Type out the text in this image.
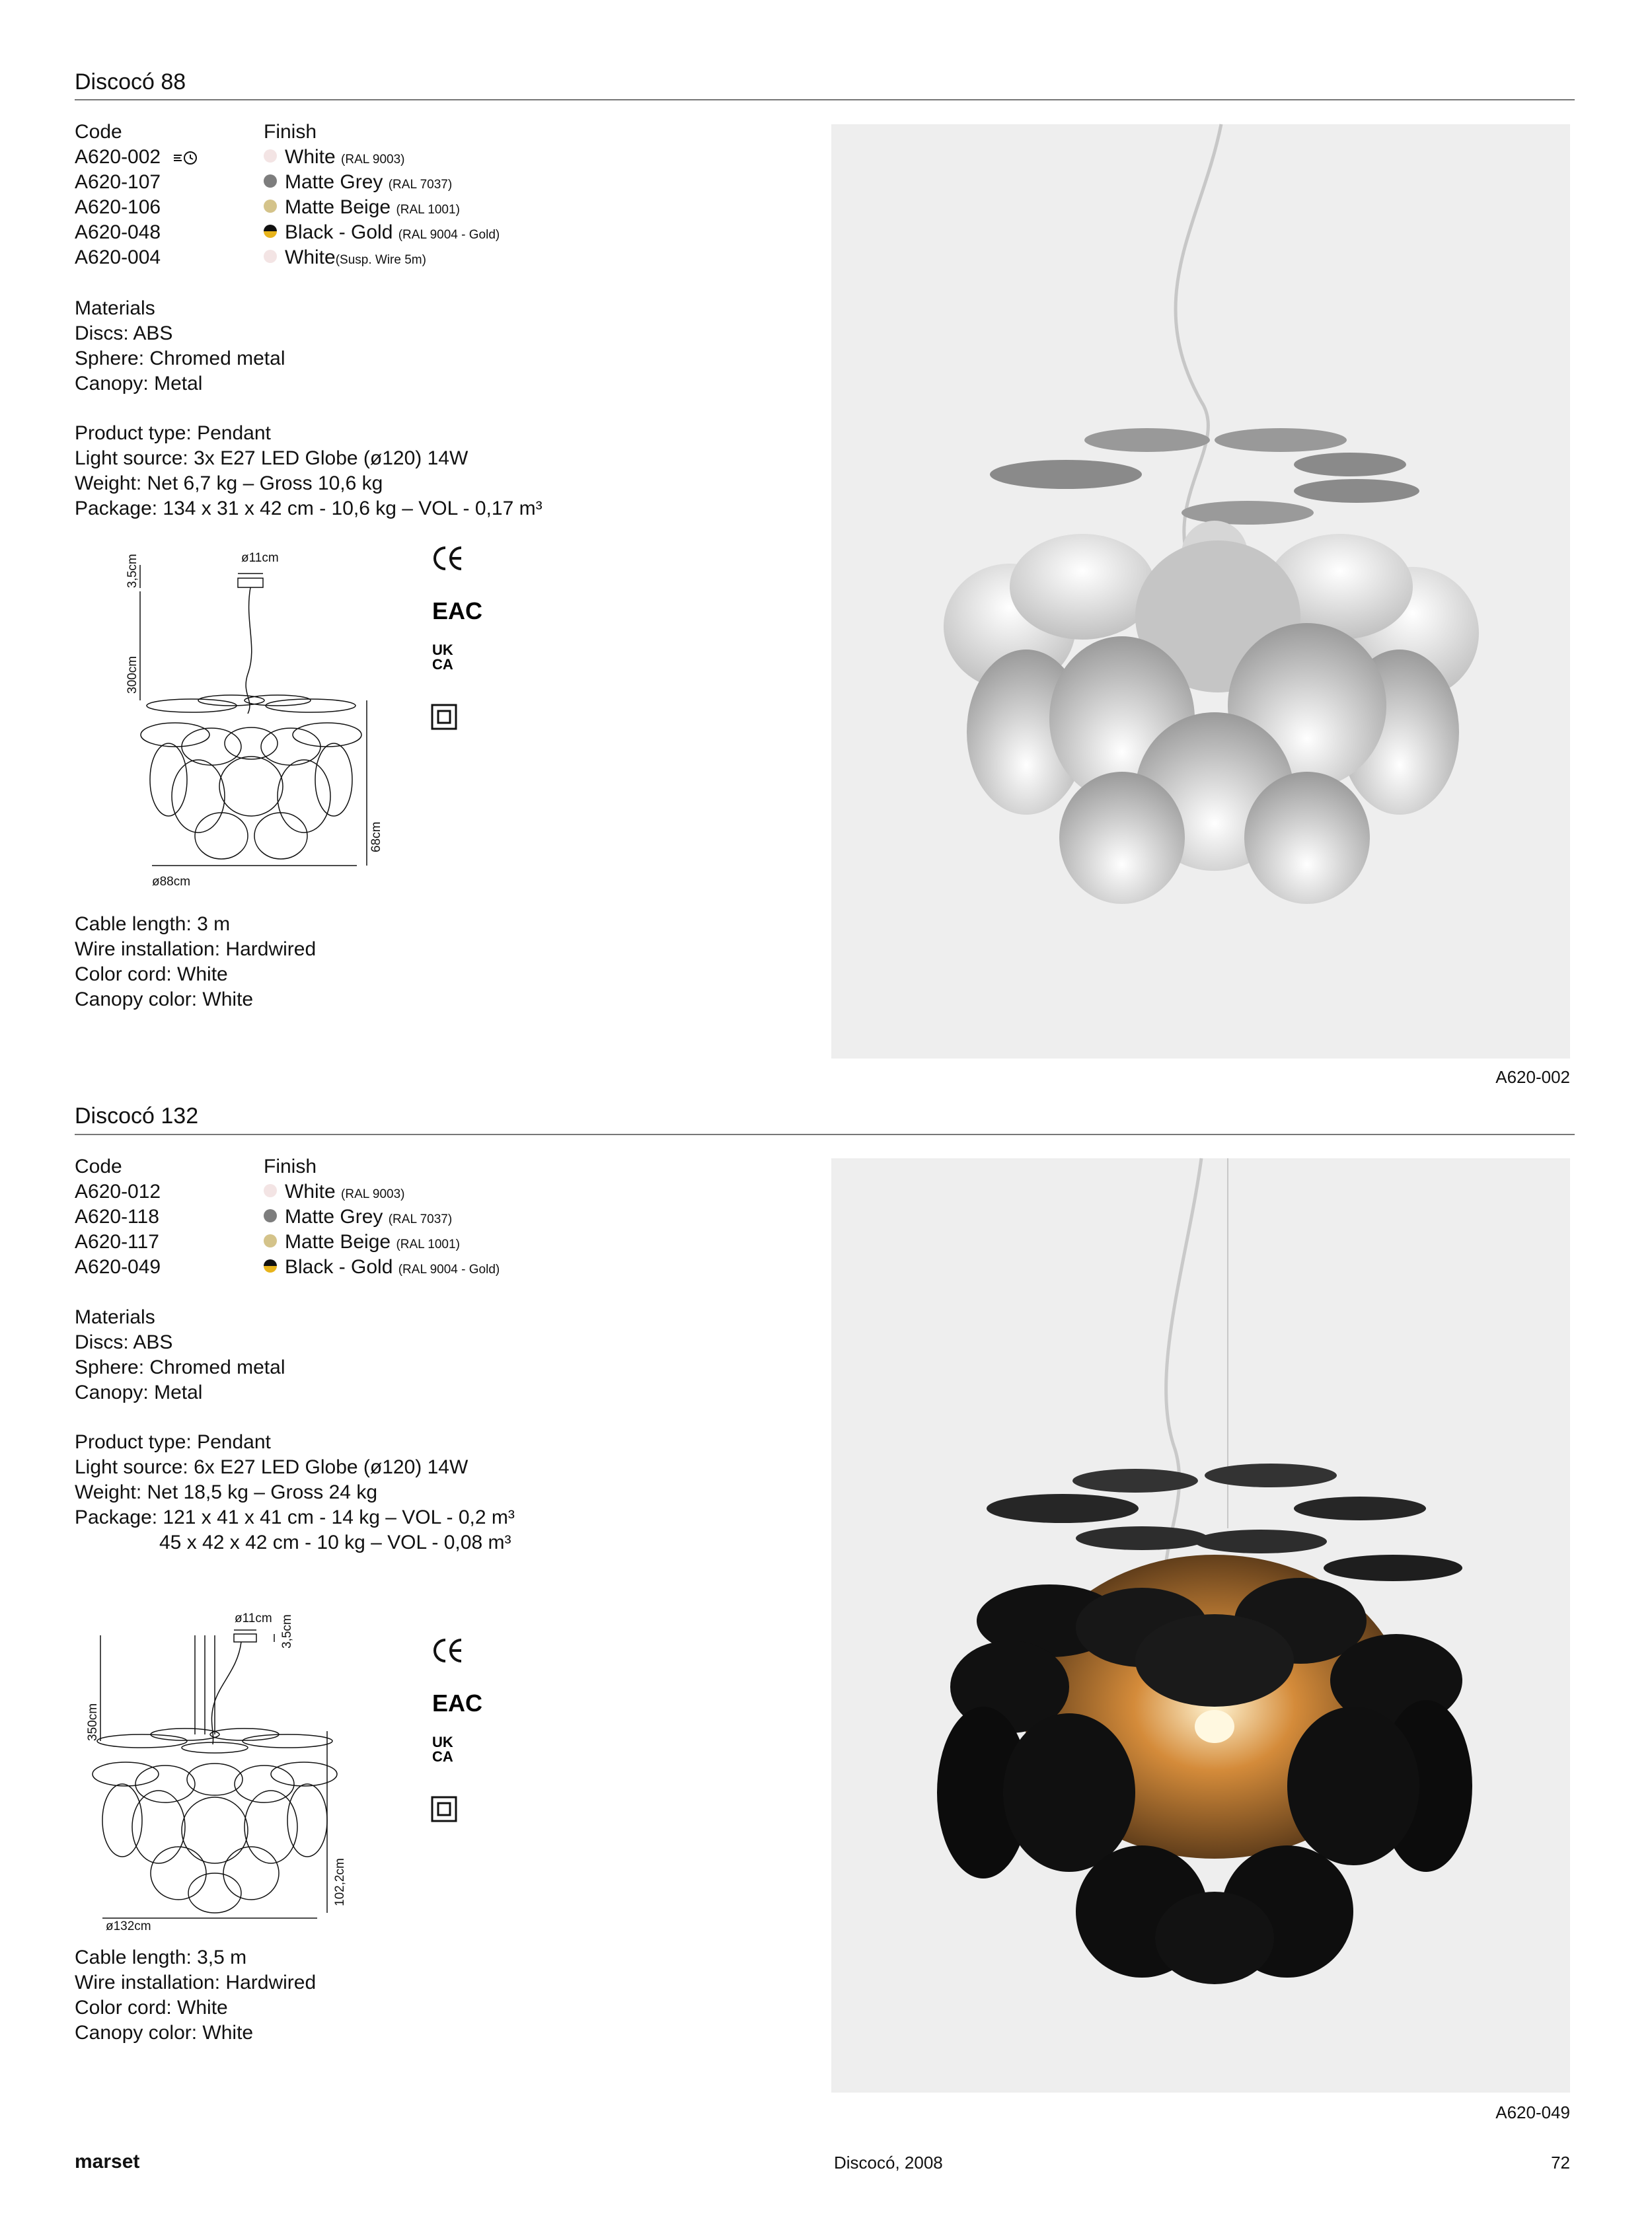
Discocó 88
Code
A620-002
A620-107
A620-106
A620-048
A620-004
Finish
White (RAL 9003)
Matte Grey (RAL 7037)
Matte Beige (RAL 1001)
Black - Gold (RAL 9004 - Gold)
White(Susp. Wire 5m)
Materials
Discs: ABS
Sphere: Chromed metal
Canopy: Metal
Product type: Pendant
Light source: 3x E27 LED Globe (ø120) 14W
Weight: Net 6,7 kg – Gross 10,6 kg
Package: 134 x 31 x 42 cm - 10,6 kg – VOL - 0,17 m³
ø11cm
3,5cm
300cm
68cm
ø88cm
EAC
UK
CA
Cable length: 3 m
Wire installation: Hardwired
Color cord: White
Canopy color: White
A620-002
Discocó 132
Code
A620-012
A620-118
A620-117
A620-049
Finish
White (RAL 9003)
Matte Grey (RAL 7037)
Matte Beige (RAL 1001)
Black - Gold (RAL 9004 - Gold)
Materials
Discs: ABS
Sphere: Chromed metal
Canopy: Metal
Product type: Pendant
Light source: 6x E27 LED Globe (ø120) 14W
Weight: Net 18,5 kg – Gross 24 kg
Package: 121 x 41 x 41 cm - 14 kg – VOL - 0,2 m³
45 x 42 x 42 cm - 10 kg – VOL - 0,08 m³
ø11cm 3,5cm
350cm
102,2cm
ø132cm
EAC
UK
CA
Cable length: 3,5 m
Wire installation: Hardwired
Color cord: White
Canopy color: White
A620-049
marset	Discocó, 2008	72
